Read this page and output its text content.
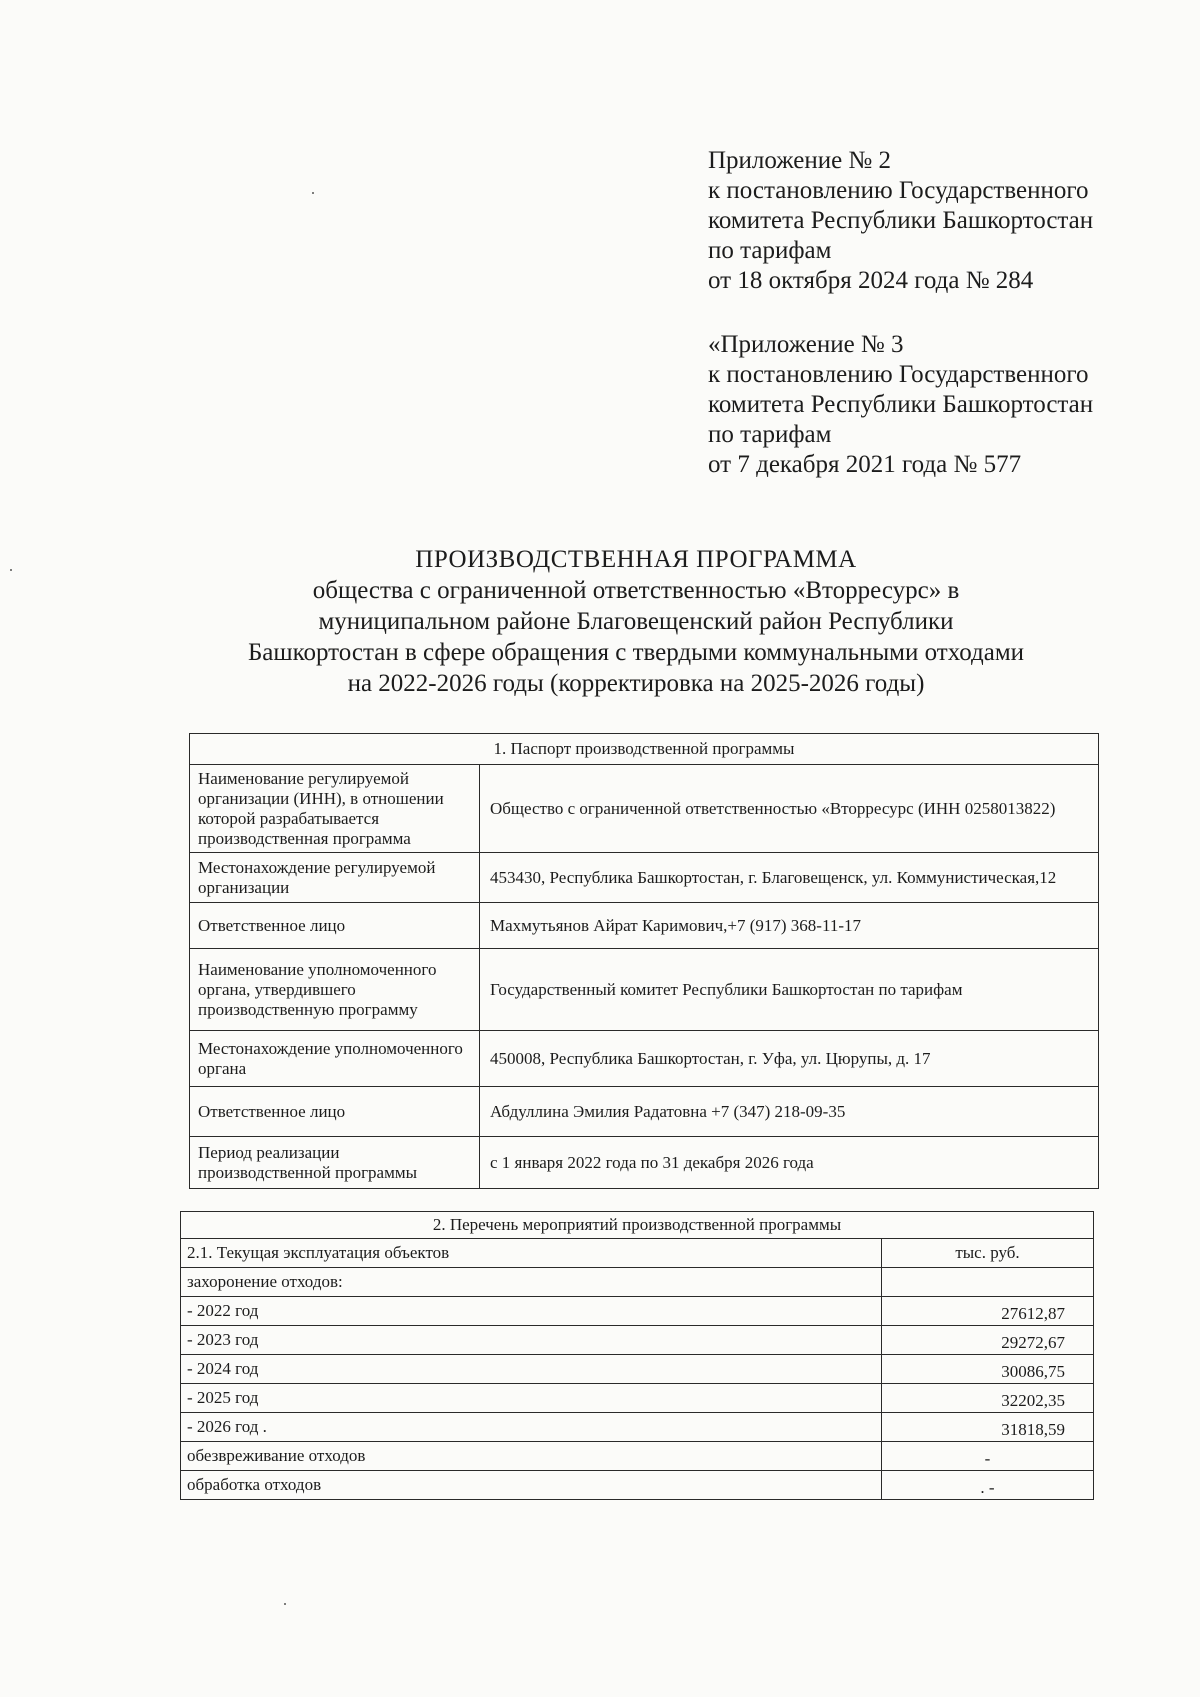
Приложение № 2
к постановлению Государственного
комитета Республики Башкортостан
по тарифам
от 18 октября 2024 года № 284
«Приложение № 3
к постановлению Государственного
комитета Республики Башкортостан
по тарифам
от 7 декабря 2021 года № 577
ПРОИЗВОДСТВЕННАЯ ПРОГРАММА
общества с ограниченной ответственностью «Вторресурс» в
муниципальном районе Благовещенский район Республики
Башкортостан в сфере обращения с твердыми коммунальными отходами
на 2022-2026 годы (корректировка на 2025-2026 годы)
1. Паспорт производственной программы	
Наименование регулируемой организации (ИНН), в отношении которой разрабатывается производственная программа	Общество с ограниченной ответственностью «Вторресурс (ИНН 0258013822)
Местонахождение регулируемой организации	453430, Республика Башкортостан, г. Благовещенск, ул. Коммунистическая,12
Ответственное лицо	Махмутьянов Айрат Каримович,+7 (917) 368-11-17
Наименование уполномоченного органа, утвердившего производственную программу	Государственный комитет Республики Башкортостан по тарифам
Местонахождение уполномоченного органа	450008, Республика Башкортостан, г. Уфа, ул. Цюрупы, д. 17
Ответственное лицо	Абдуллина Эмилия Радатовна +7 (347) 218-09-35
Период реализации производственной программы	с 1 января 2022 года по 31 декабря 2026 года
2. Перечень мероприятий производственной программы	
2.1. Текущая эксплуатация объектов	тыс. руб.
захоронение отходов:	
- 2022 год	27612,87
- 2023 год	29272,67
- 2024 год	30086,75
- 2025 год	32202,35
- 2026 год .	31818,59
обезвреживание отходов	-
обработка отходов	. -
